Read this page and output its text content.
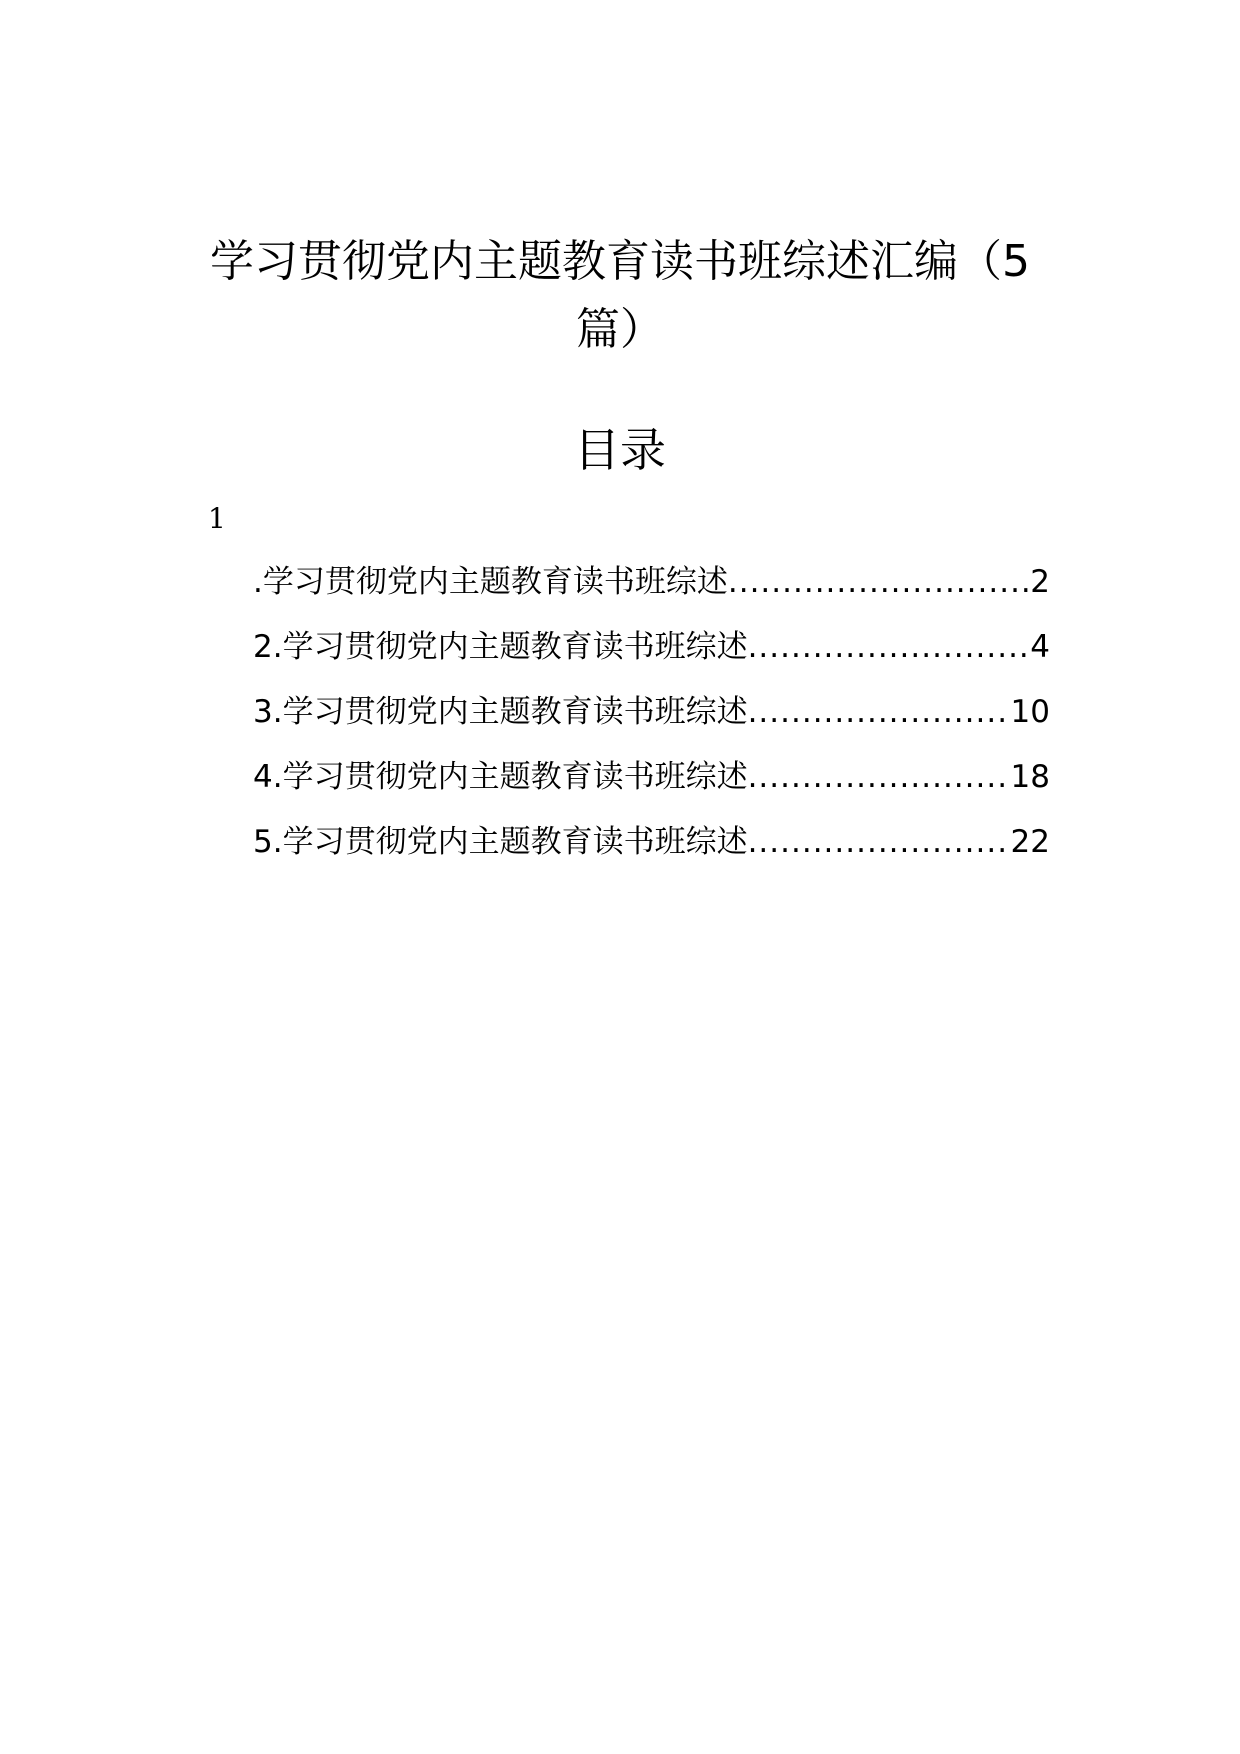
学习贯彻党内主题教育读书班综述汇编（5篇）
目录
1
.学习贯彻党内主题教育读书班综述 .....	2
2.学习贯彻党内主题教育读书班综述 .....	4
3.学习贯彻党内主题教育读书班综述 .....	10
4.学习贯彻党内主题教育读书班综述 .....	18
5.学习贯彻党内主题教育读书班综述 .....	22
